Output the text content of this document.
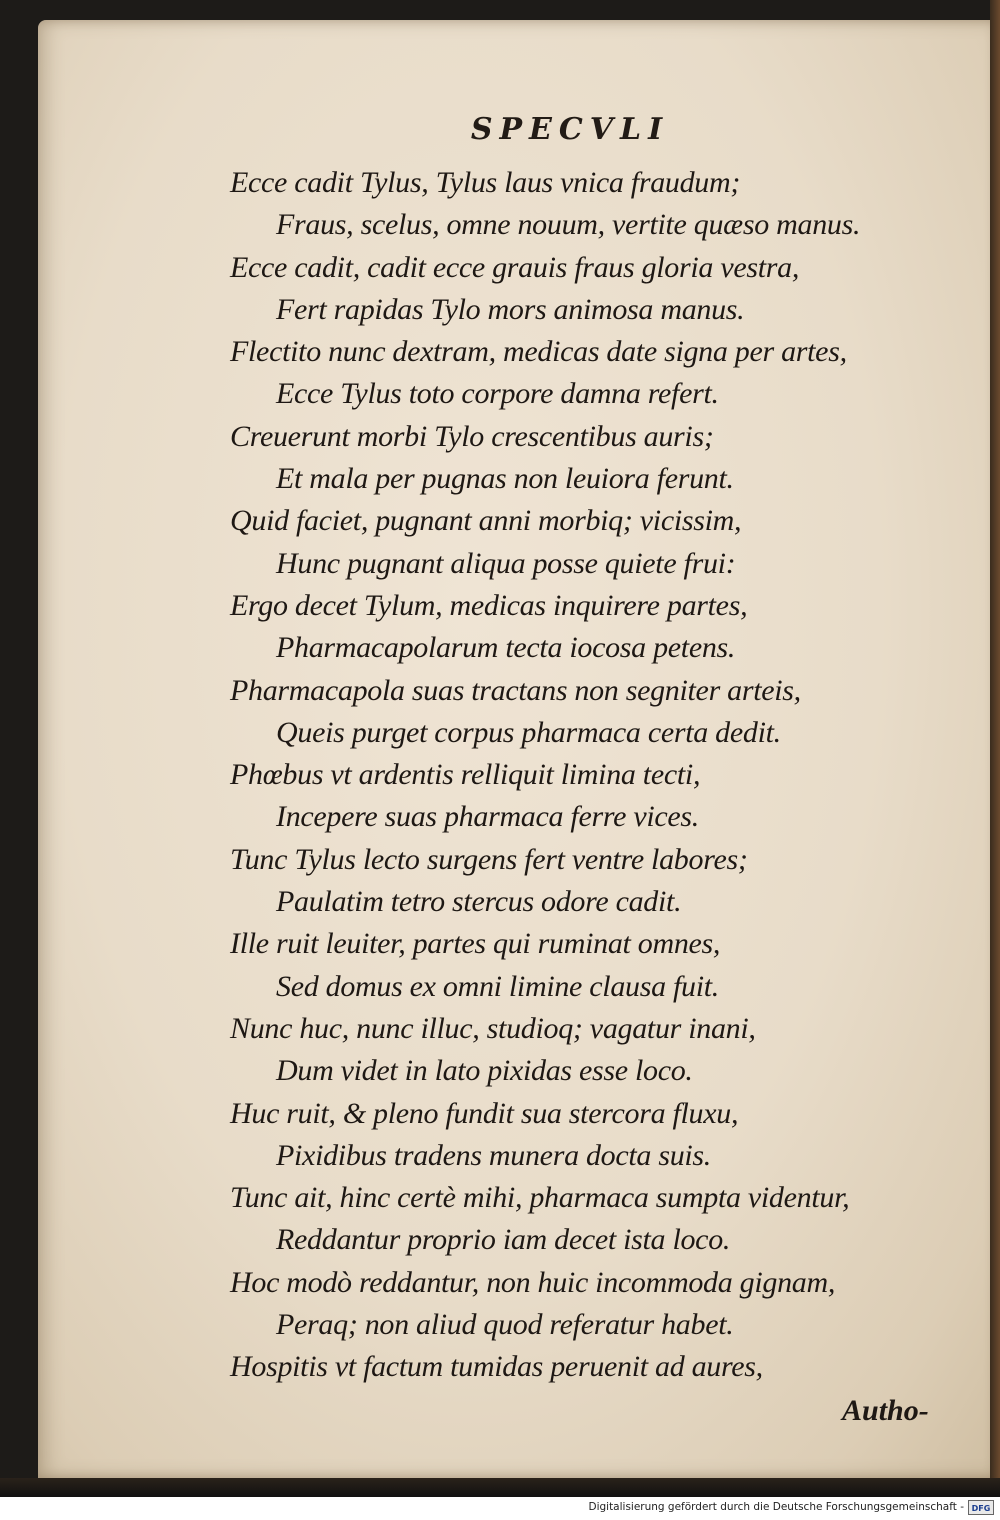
SPECVLI
Ecce cadit Tylus, Tylus laus vnica fraudum;
Fraus, scelus, omne nouum, vertite quæso manus.
Ecce cadit, cadit ecce grauis fraus gloria vestra,
Fert rapidas Tylo mors animosa manus.
Flectito nunc dextram, medicas date signa per artes,
Ecce Tylus toto corpore damna refert.
Creuerunt morbi Tylo crescentibus auris;
Et mala per pugnas non leuiora ferunt.
Quid faciet, pugnant anni morbiq; vicissim,
Hunc pugnant aliqua posse quiete frui:
Ergo decet Tylum, medicas inquirere partes,
Pharmacapolarum tecta iocosa petens.
Pharmacapola suas tractans non segniter arteis,
Queis purget corpus pharmaca certa dedit.
Phœbus vt ardentis relliquit limina tecti,
Incepere suas pharmaca ferre vices.
Tunc Tylus lecto surgens fert ventre labores;
Paulatim tetro stercus odore cadit.
Ille ruit leuiter, partes qui ruminat omnes,
Sed domus ex omni limine clausa fuit.
Nunc huc, nunc illuc, studioq; vagatur inani,
Dum videt in lato pixidas esse loco.
Huc ruit, & pleno fundit sua stercora fluxu,
Pixidibus tradens munera docta suis.
Tunc ait, hinc certè mihi, pharmaca sumpta videntur,
Reddantur proprio iam decet ista loco.
Hoc modò reddantur, non huic incommoda gignam,
Peraq; non aliud quod referatur habet.
Hospitis vt factum tumidas peruenit ad aures,

Autho-

Digitalisierung gefördert durch die Deutsche Forschungsgemeinschaft - DFG
